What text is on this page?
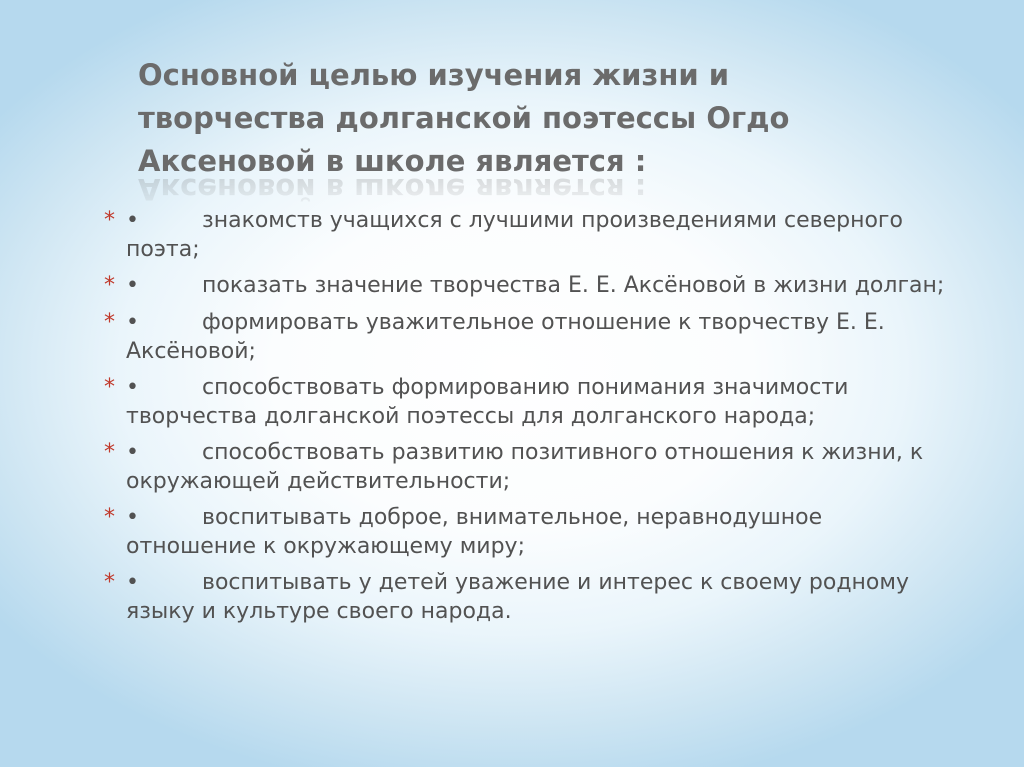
Основной целью изучения жизни и
творчества долганской поэтессы Огдо
Аксеновой в школе является :
* •	знакомств учащихся с лучшими произведениями северного поэта;
* •	показать значение творчества Е. Е. Аксёновой в жизни долган;
* •	формировать уважительное отношение к творчеству Е. Е. Аксёновой;
* •	способствовать формированию понимания значимости творчества долганской поэтессы для долганского народа;
* •	способствовать развитию позитивного отношения к жизни, к окружающей действительности;
* •	воспитывать доброе, внимательное, неравнодушное отношение к окружающему миру;
* •	воспитывать у детей уважение и интерес к своему родному языку и культуре своего народа.
